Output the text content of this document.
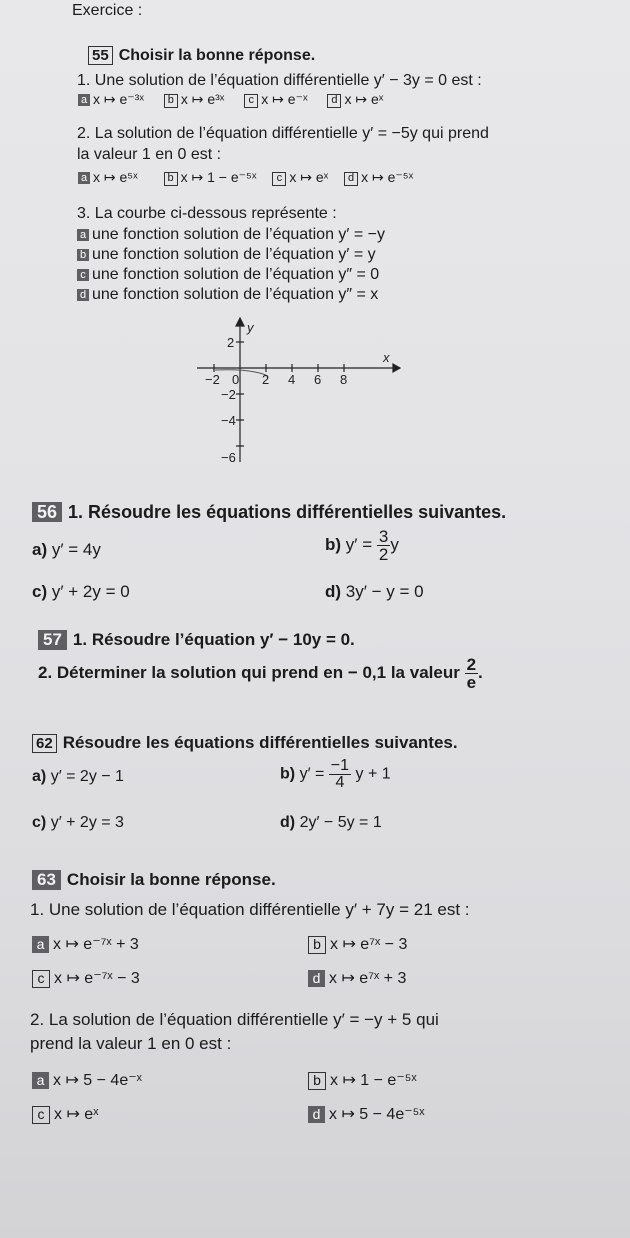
Exercice :
55 Choisir la bonne réponse.
1. Une solution de l’équation différentielle y′ − 3y = 0 est :
a x ↦ e⁻³ˣ b x ↦ e³ˣ c x ↦ e⁻ˣ d x ↦ eˣ
2. La solution de l’équation différentielle y′ = −5y qui prend
la valeur 1 en 0 est :
a x ↦ e⁵ˣ	b x ↦ 1 − e⁻⁵ˣ c x ↦ eˣ d x ↦ e⁻⁵ˣ
3. La courbe ci-dessous représente :
a une fonction solution de l’équation y′ = −y
b une fonction solution de l’équation y′ = y
c une fonction solution de l’équation y″ = 0
d une fonction solution de l’équation y″ = x
y
x
−2 0 2 4 6 8
2
−2
−4
−6
56 1. Résoudre les équations différentielles suivantes.
a) y′ = 4y	b) $y' = \frac{3}{2}$ y
c) y′ + 2y = 0	d) 3y′ − y = 0
57 1. Résoudre l’équation y′ − 10y = 0.
2. Déterminer la solution qui prend en − 0,1 la valeur $\frac{2}{e}$ .
62 Résoudre les équations différentielles suivantes.
a) y′ = 2y − 1	b) $y' = \frac{-1}{4}$ y + 1
c) y′ + 2y = 3	d) 2y′ − 5y = 1
63 Choisir la bonne réponse.
1. Une solution de l’équation différentielle y′ + 7y = 21 est :
a x ↦ e⁻⁷ˣ + 3	b x ↦ e⁷ˣ − 3
c x ↦ e⁻⁷ˣ − 3	d x ↦ e⁷ˣ + 3
2. La solution de l’équation différentielle y′ = −y + 5 qui
prend la valeur 1 en 0 est :
a x ↦ 5 − 4e⁻ˣ	b x ↦ 1 − e⁻⁵ˣ
c x ↦ eˣ	d x ↦ 5 − 4e⁻⁵ˣ
